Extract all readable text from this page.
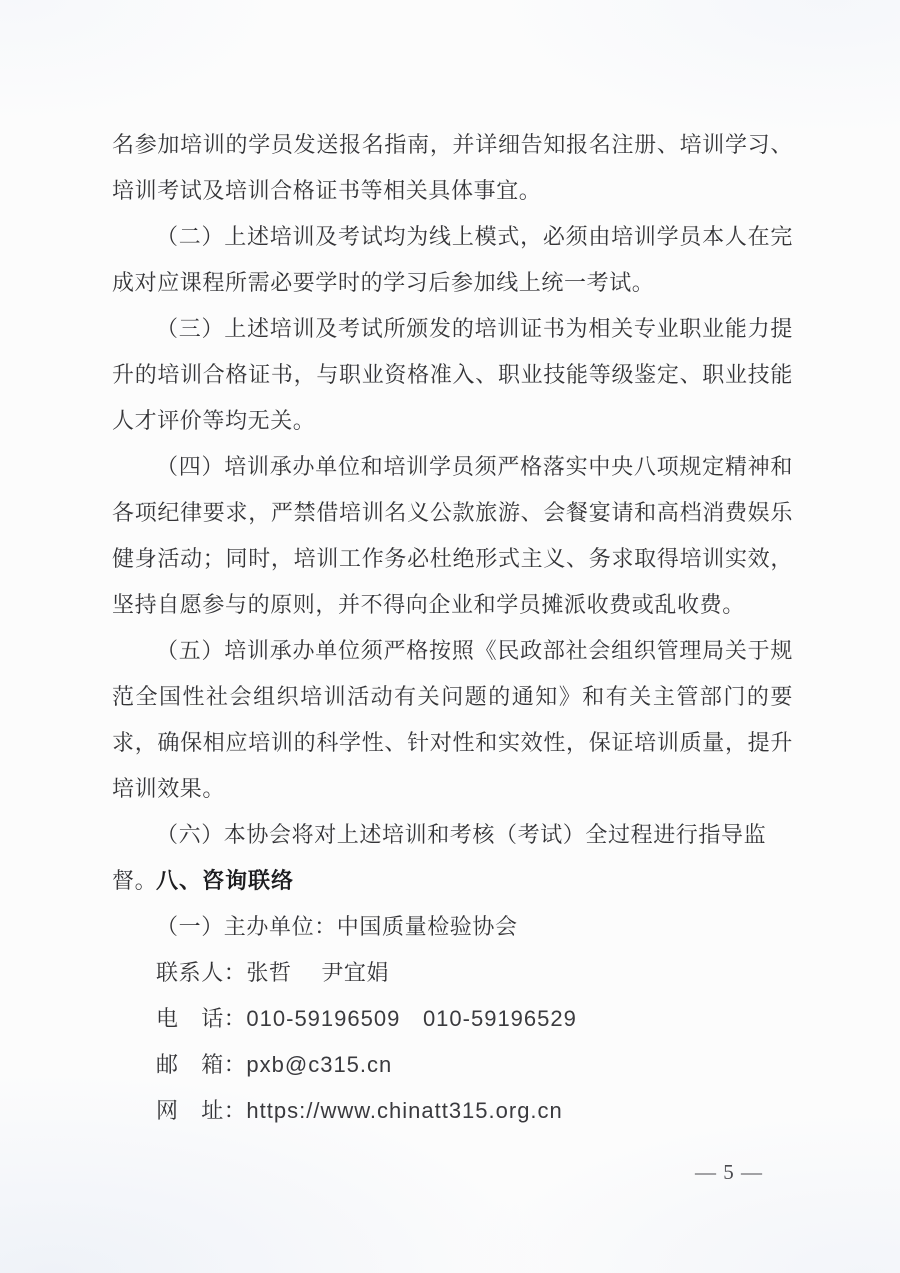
名参加培训的学员发送报名指南，并详细告知报名注册、培训学习、
培训考试及培训合格证书等相关具体事宜。
（二）上述培训及考试均为线上模式，必须由培训学员本人在完
成对应课程所需必要学时的学习后参加线上统一考试。
（三）上述培训及考试所颁发的培训证书为相关专业职业能力提
升的培训合格证书，与职业资格准入、职业技能等级鉴定、职业技能
人才评价等均无关。
（四）培训承办单位和培训学员须严格落实中央八项规定精神和
各项纪律要求，严禁借培训名义公款旅游、会餐宴请和高档消费娱乐
健身活动；同时，培训工作务必杜绝形式主义、务求取得培训实效，
坚持自愿参与的原则，并不得向企业和学员摊派收费或乱收费。
（五）培训承办单位须严格按照《民政部社会组织管理局关于规
范全国性社会组织培训活动有关问题的通知》和有关主管部门的要
求，确保相应培训的科学性、针对性和实效性，保证培训质量，提升
培训效果。
（六）本协会将对上述培训和考核（考试）全过程进行指导监督。
八、咨询联络
（一）主办单位：中国质量检验协会
联系人：张哲　 尹宜娟
电　话：010-59196509　 010-59196529
邮　箱：pxb@c315.cn
网　址：https://www.chinatt315.org.cn
— 5 —
